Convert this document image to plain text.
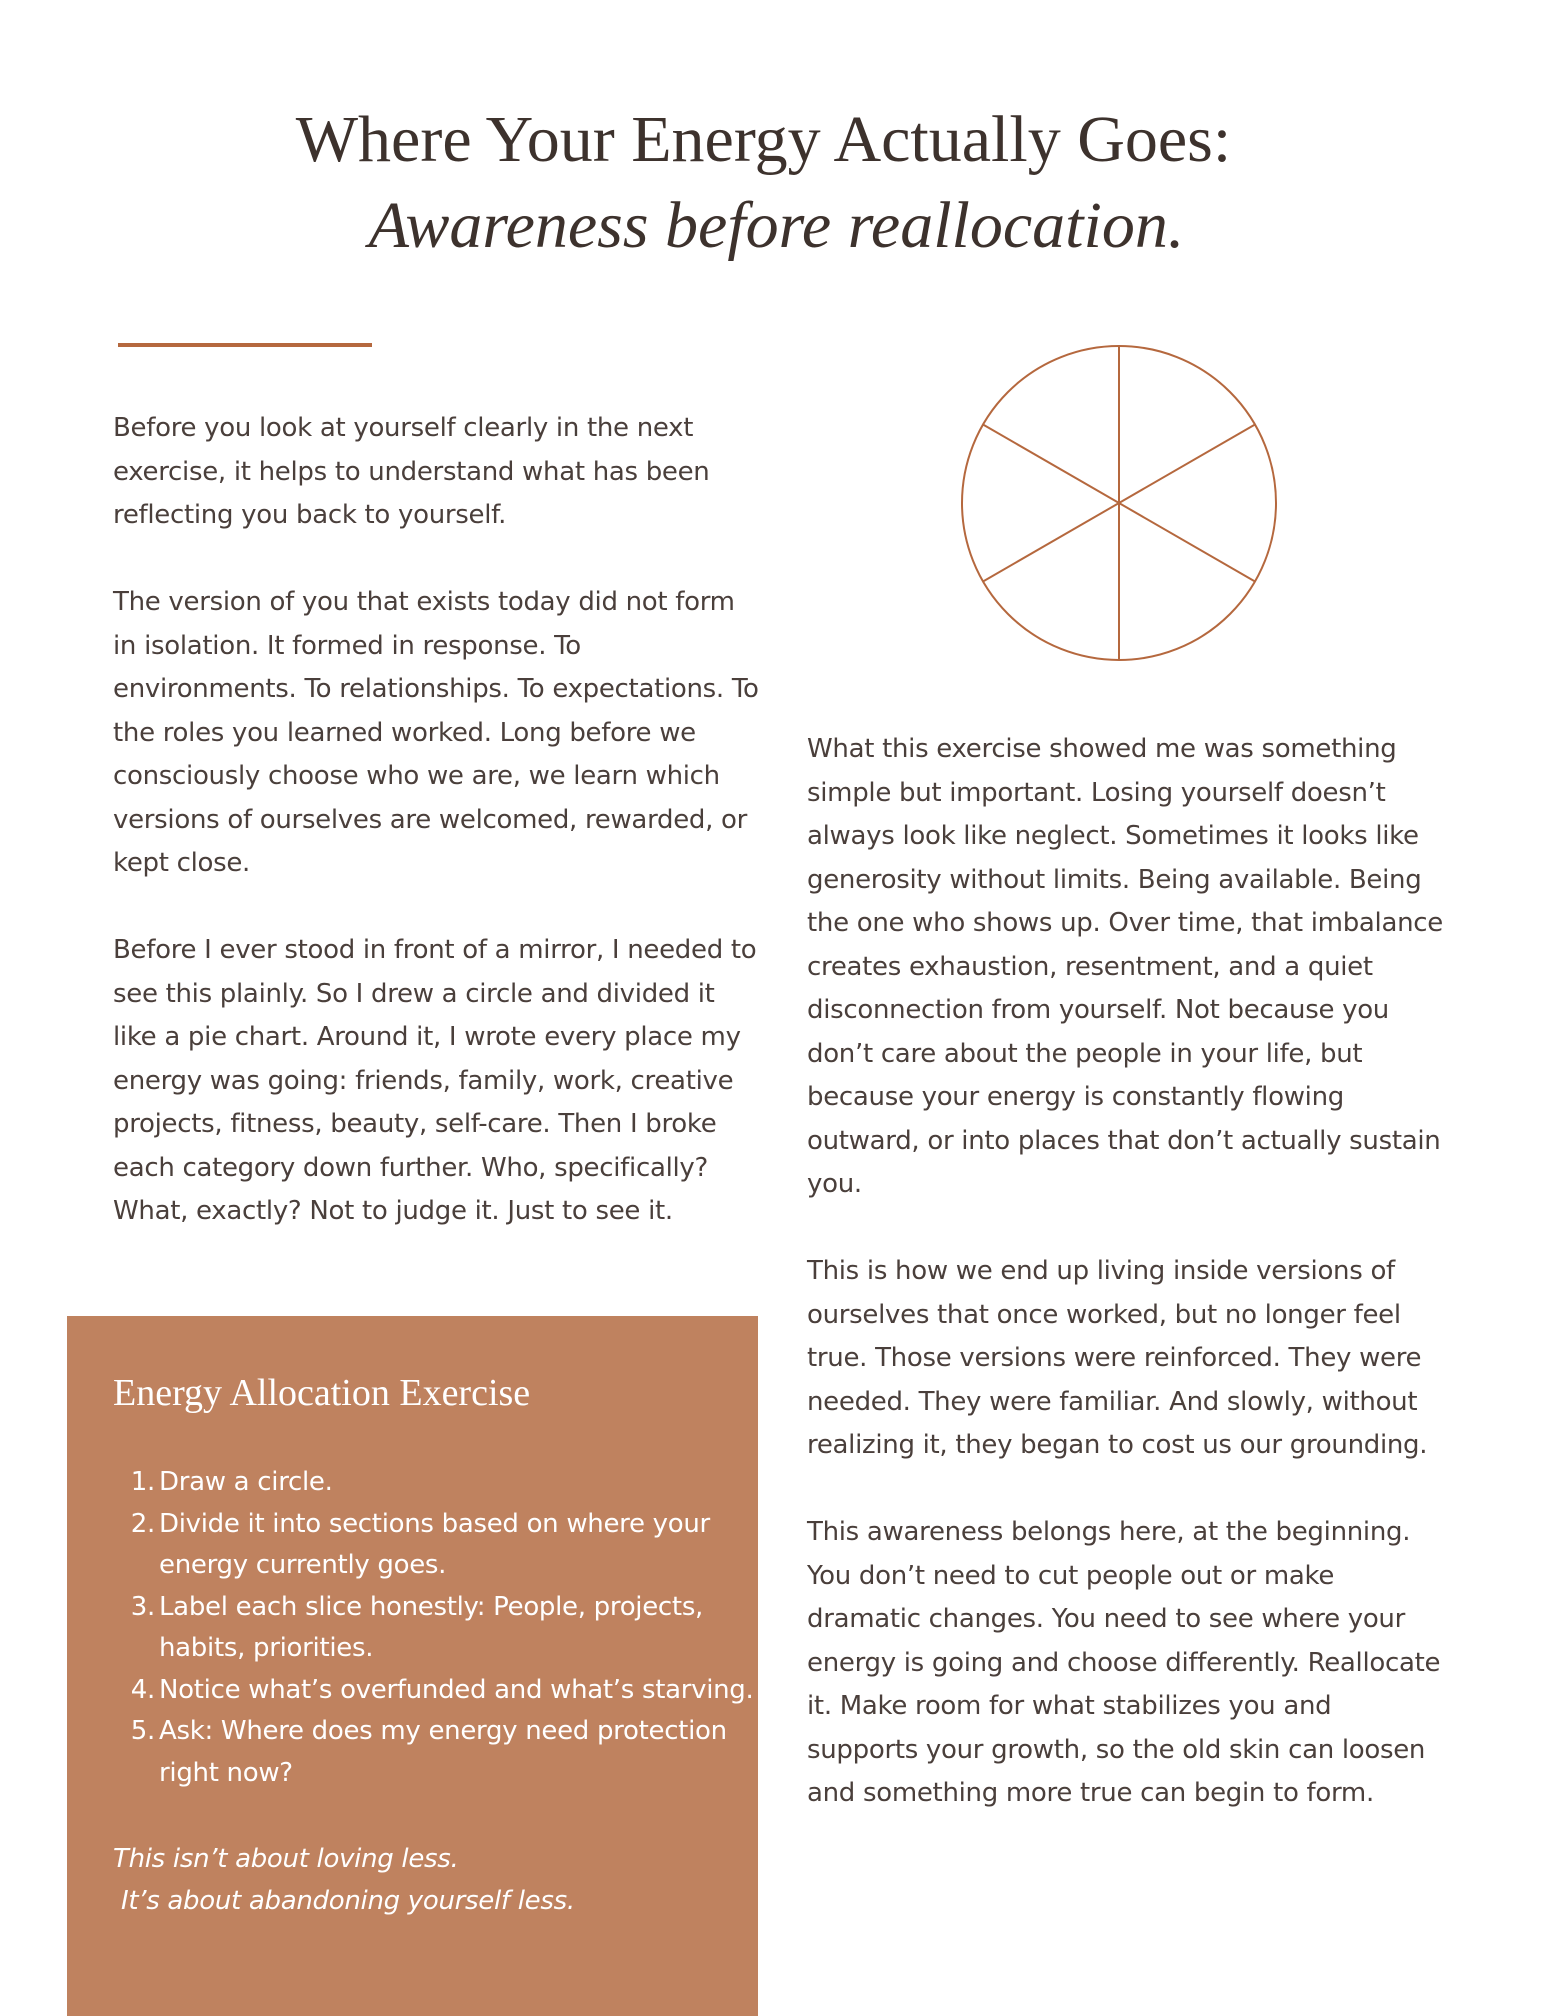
Where Your Energy Actually Goes:
Awareness before reallocation.

Before you look at yourself clearly in the next exercise, it helps to understand what has been reflecting you back to yourself.

The version of you that exists today did not form in isolation. It formed in response. To environments. To relationships. To expectations. To the roles you learned worked. Long before we consciously choose who we are, we learn which versions of ourselves are welcomed, rewarded, or kept close.

Before I ever stood in front of a mirror, I needed to see this plainly. So I drew a circle and divided it like a pie chart. Around it, I wrote every place my energy was going: friends, family, work, creative projects, fitness, beauty, self-care. Then I broke each category down further. Who, specifically? What, exactly? Not to judge it. Just to see it.

What this exercise showed me was something simple but important. Losing yourself doesn’t always look like neglect. Sometimes it looks like generosity without limits. Being available. Being the one who shows up. Over time, that imbalance creates exhaustion, resentment, and a quiet disconnection from yourself. Not because you don’t care about the people in your life, but because your energy is constantly flowing outward, or into places that don’t actually sustain you.

This is how we end up living inside versions of ourselves that once worked, but no longer feel true. Those versions were reinforced. They were needed. They were familiar. And slowly, without realizing it, they began to cost us our grounding.

This awareness belongs here, at the beginning. You don’t need to cut people out or make dramatic changes. You need to see where your energy is going and choose differently. Reallocate it. Make room for what stabilizes you and supports your growth, so the old skin can loosen and something more true can begin to form.

Energy Allocation Exercise
1. Draw a circle.
2. Divide it into sections based on where your energy currently goes.
3. Label each slice honestly: People, projects, habits, priorities.
4. Notice what’s overfunded and what’s starving.
5. Ask: Where does my energy need protection right now?
This isn’t about loving less.
It’s about abandoning yourself less.
